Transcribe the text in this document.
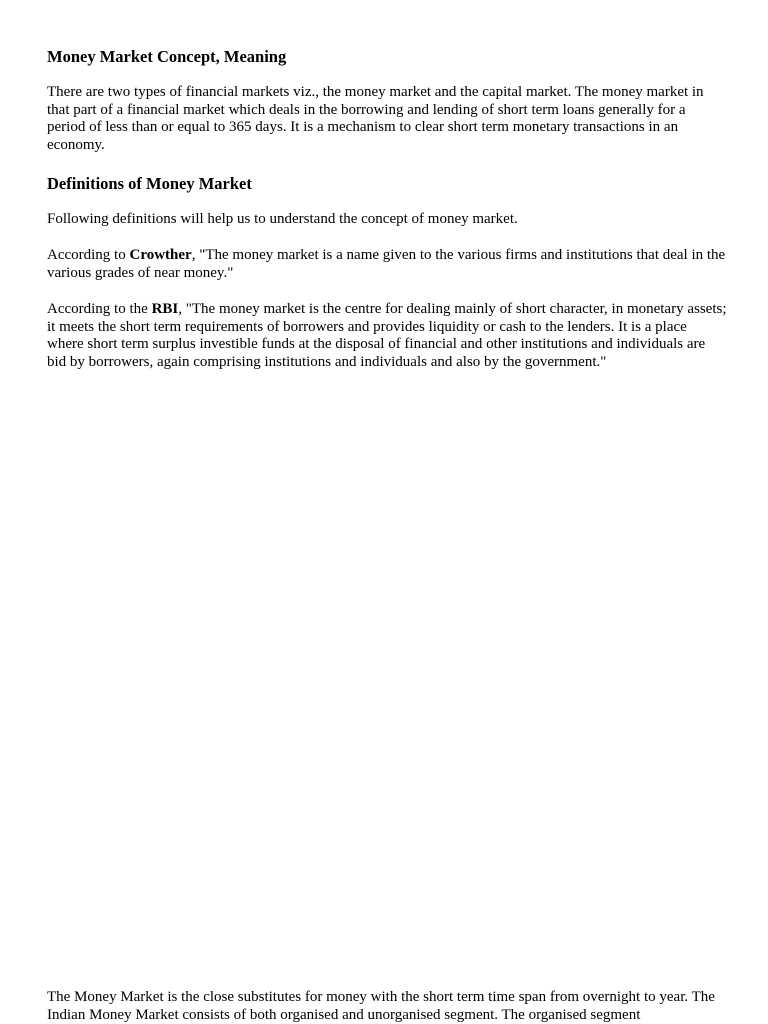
Money Market Concept, Meaning

There are two types of financial markets viz., the money market and the capital market. The money market in that part of a financial market which deals in the borrowing and lending of short term loans generally for a period of less than or equal to 365 days. It is a mechanism to clear short term monetary transactions in an economy.

Definitions of Money Market

Following definitions will help us to understand the concept of money market.

According to Crowther, "The money market is a name given to the various firms and institutions that deal in the various grades of near money."

According to the RBI, "The money market is the centre for dealing mainly of short character, in monetary assets; it meets the short term requirements of borrowers and provides liquidity or cash to the lenders. It is a place where short term surplus investible funds at the disposal of financial and other institutions and individuals are bid by borrowers, again comprising institutions and individuals and also by the government."

The Money Market is the close substitutes for money with the short term time span from overnight to year. The Indian Money Market consists of both organised and unorganised segment. The organised segment
